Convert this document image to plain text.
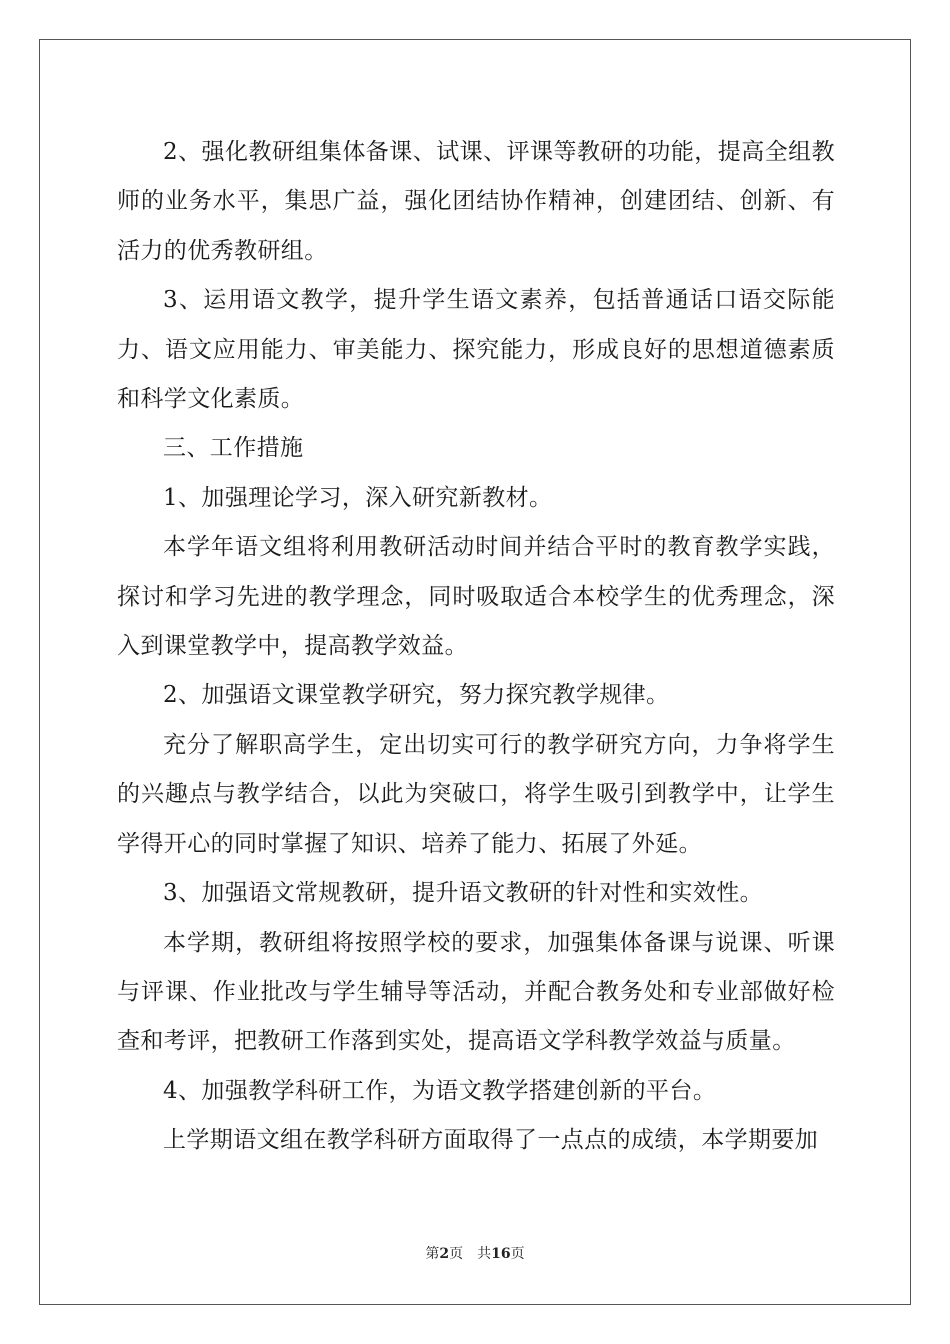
2、强化教研组集体备课、试课、评课等教研的功能，提高全组教师的业务水平，集思广益，强化团结协作精神，创建团结、创新、有活力的优秀教研组。

3、运用语文教学，提升学生语文素养，包括普通话口语交际能力、语文应用能力、审美能力、探究能力，形成良好的思想道德素质和科学文化素质。

三、工作措施

1、加强理论学习，深入研究新教材。

本学年语文组将利用教研活动时间并结合平时的教育教学实践，探讨和学习先进的教学理念，同时吸取适合本校学生的优秀理念，深入到课堂教学中，提高教学效益。

2、加强语文课堂教学研究，努力探究教学规律。

充分了解职高学生，定出切实可行的教学研究方向，力争将学生的兴趣点与教学结合，以此为突破口，将学生吸引到教学中，让学生学得开心的同时掌握了知识、培养了能力、拓展了外延。

3、加强语文常规教研，提升语文教研的针对性和实效性。

本学期，教研组将按照学校的要求，加强集体备课与说课、听课与评课、作业批改与学生辅导等活动，并配合教务处和专业部做好检查和考评，把教研工作落到实处，提高语文学科教学效益与质量。

4、加强教学科研工作，为语文教学搭建创新的平台。

上学期语文组在教学科研方面取得了一点点的成绩，本学期要加

第2页 共16页
